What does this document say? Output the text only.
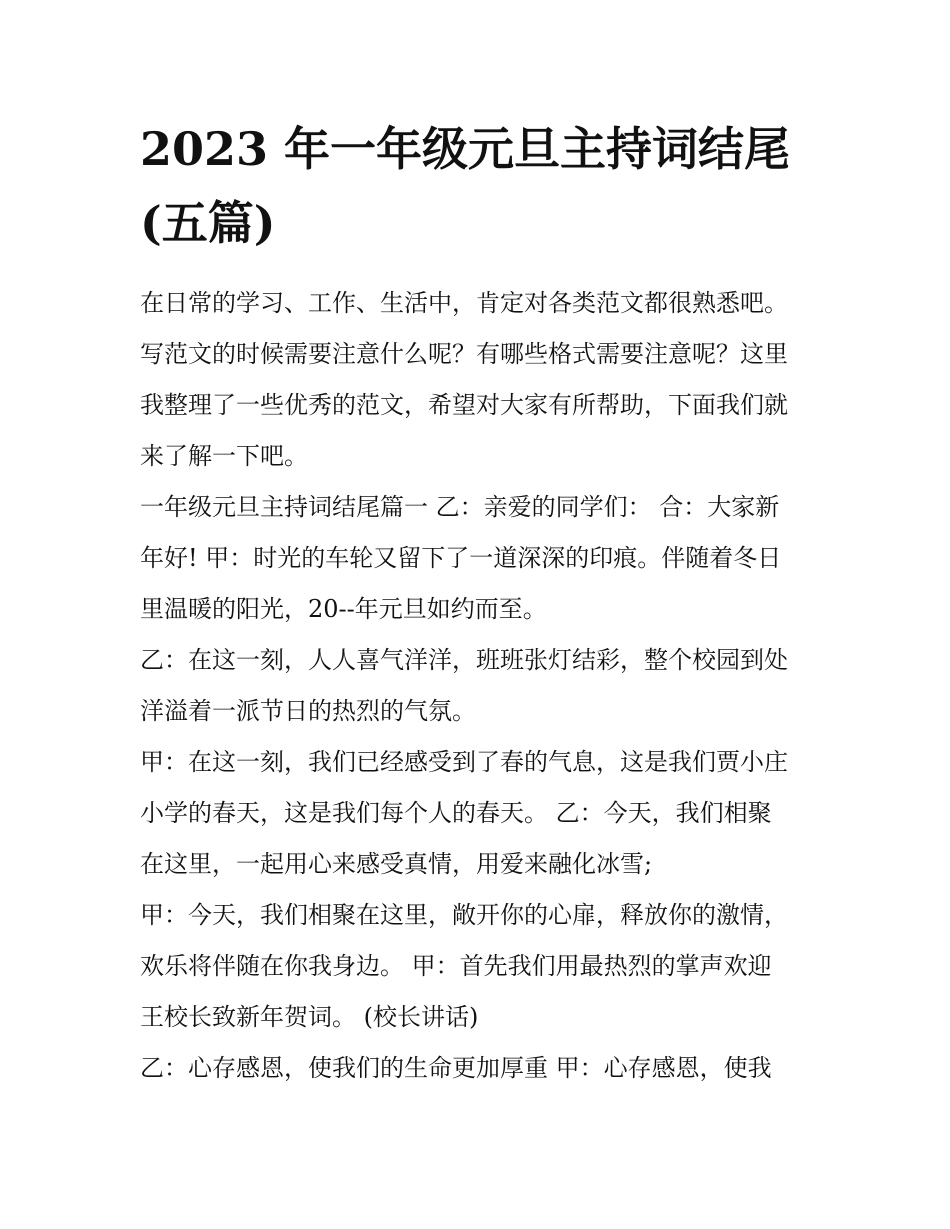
2023 年一年级元旦主持词结尾
(五篇)

在日常的学习、工作、生活中，肯定对各类范文都很熟悉吧。
写范文的时候需要注意什么呢？有哪些格式需要注意呢？这里
我整理了一些优秀的范文，希望对大家有所帮助，下面我们就
来了解一下吧。

一年级元旦主持词结尾篇一 乙：亲爱的同学们： 合：大家新
年好! 甲：时光的车轮又留下了一道深深的印痕。伴随着冬日
里温暖的阳光，20--年元旦如约而至。

乙：在这一刻，人人喜气洋洋，班班张灯结彩，整个校园到处
洋溢着一派节日的热烈的气氛。

甲：在这一刻，我们已经感受到了春的气息，这是我们贾小庄
小学的春天，这是我们每个人的春天。 乙：今天，我们相聚
在这里，一起用心来感受真情，用爱来融化冰雪;

甲：今天，我们相聚在这里，敞开你的心扉，释放你的激情，
欢乐将伴随在你我身边。 甲：首先我们用最热烈的掌声欢迎
王校长致新年贺词。 (校长讲话)

乙：心存感恩，使我们的生命更加厚重 甲：心存感恩，使我
